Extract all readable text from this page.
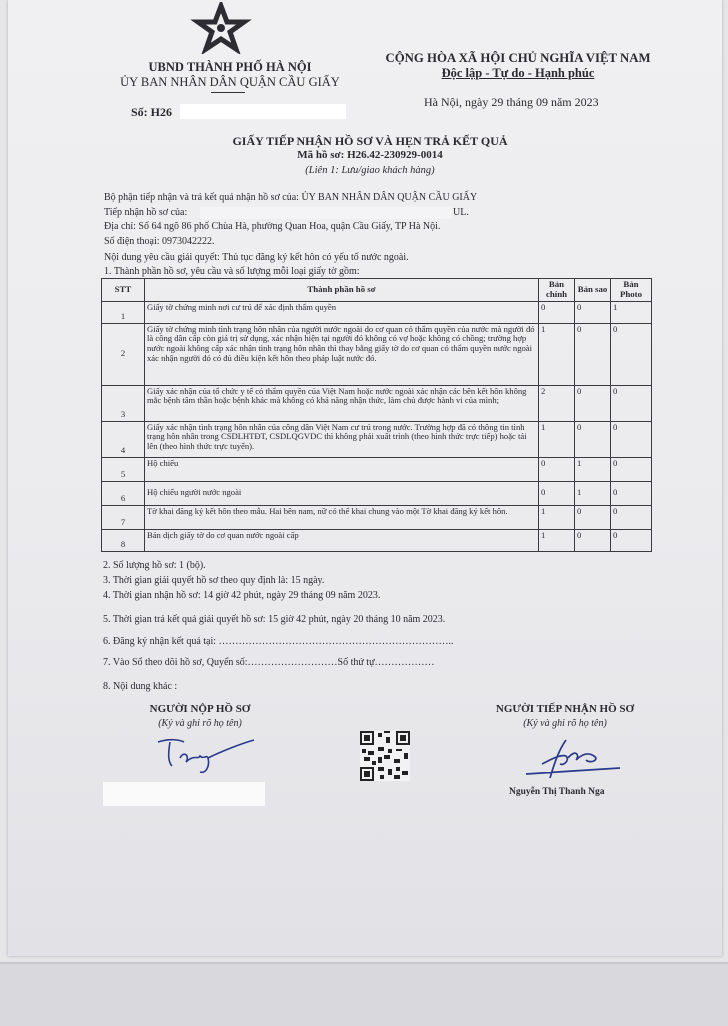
UBND THÀNH PHỐ HÀ NỘI
ỦY BAN NHÂN DÂN QUẬN CẦU GIẤY
Số: H26
CỘNG HÒA XÃ HỘI CHỦ NGHĨA VIỆT NAM
Độc lập - Tự do - Hạnh phúc
Hà Nội, ngày 29 tháng 09 năm 2023
GIẤY TIẾP NHẬN HỒ SƠ VÀ HẸN TRẢ KẾT QUẢ
Mã hồ sơ: H26.42-230929-0014
(Liên 1: Lưu/giao khách hàng)
Bộ phận tiếp nhận và trả kết quả nhận hồ sơ của: ỦY BAN NHÂN DÂN QUẬN CẦU GIẤY
Tiếp nhận hồ sơ của:	UL.
Địa chỉ: Số 64 ngõ 86 phố Chùa Hà, phường Quan Hoa, quận Cầu Giấy, TP Hà Nội.
Số điện thoại: 0973042222.
Nội dung yêu cầu giải quyết: Thủ tục đăng ký kết hôn có yếu tố nước ngoài.
1. Thành phần hồ sơ, yêu cầu và số lượng mỗi loại giấy tờ gồm:
STT	Thành phần hồ sơ	Bản chính	Bản sao	Bản Photo
1	Giấy tờ chứng minh nơi cư trú để xác định thẩm quyền	0	0	1
2	Giấy tờ chứng minh tình trạng hôn nhân của người nước ngoài do cơ quan có thẩm quyền của nước mà người đó là công dân cấp còn giá trị sử dụng, xác nhận hiện tại người đó không có vợ hoặc không có chồng; trường hợp nước ngoài không cấp xác nhận tình trạng hôn nhân thì thay bằng giấy tờ do cơ quan có thẩm quyền nước ngoài xác nhận người đó có đủ điều kiện kết hôn theo pháp luật nước đó.	1	0	0
3	Giấy xác nhận của tổ chức y tế có thẩm quyền của Việt Nam hoặc nước ngoài xác nhận các bên kết hôn không mắc bệnh tâm thần hoặc bệnh khác mà không có khả năng nhận thức, làm chủ được hành vi của mình;	2	0	0
4	Giấy xác nhận tình trạng hôn nhân của công dân Việt Nam cư trú trong nước. Trường hợp đã có thông tin tình trạng hôn nhân trong CSDLHTĐT, CSDLQGVDC thì không phải xuất trình (theo hình thức trực tiếp) hoặc tải lên (theo hình thức trực tuyến).	1	0	0
5	Hộ chiếu	0	1	0
6	Hộ chiếu người nước ngoài	0	1	0
7	Tờ khai đăng ký kết hôn theo mẫu. Hai bên nam, nữ có thể khai chung vào một Tờ khai đăng ký kết hôn.	1	0	0
8	Bản dịch giấy tờ do cơ quan nước ngoài cấp	1	0	0
2. Số lượng hồ sơ: 1 (bộ).
3. Thời gian giải quyết hồ sơ theo quy định là: 15 ngày.
4. Thời gian nhận hồ sơ: 14 giờ 42 phút, ngày 29 tháng 09 năm 2023.
5. Thời gian trả kết quả giải quyết hồ sơ: 15 giờ 42 phút, ngày 20 tháng 10 năm 2023.
6. Đăng ký nhận kết quả tại: ……………………………………………………………..
7. Vào Sổ theo dõi hồ sơ, Quyển số:………………………Số thứ tự………………
8. Nội dung khác :
NGƯỜI NỘP HỒ SƠ
(Ký và ghi rõ họ tên)
NGƯỜI TIẾP NHẬN HỒ SƠ
(Ký và ghi rõ họ tên)
Nguyễn Thị Thanh Nga
